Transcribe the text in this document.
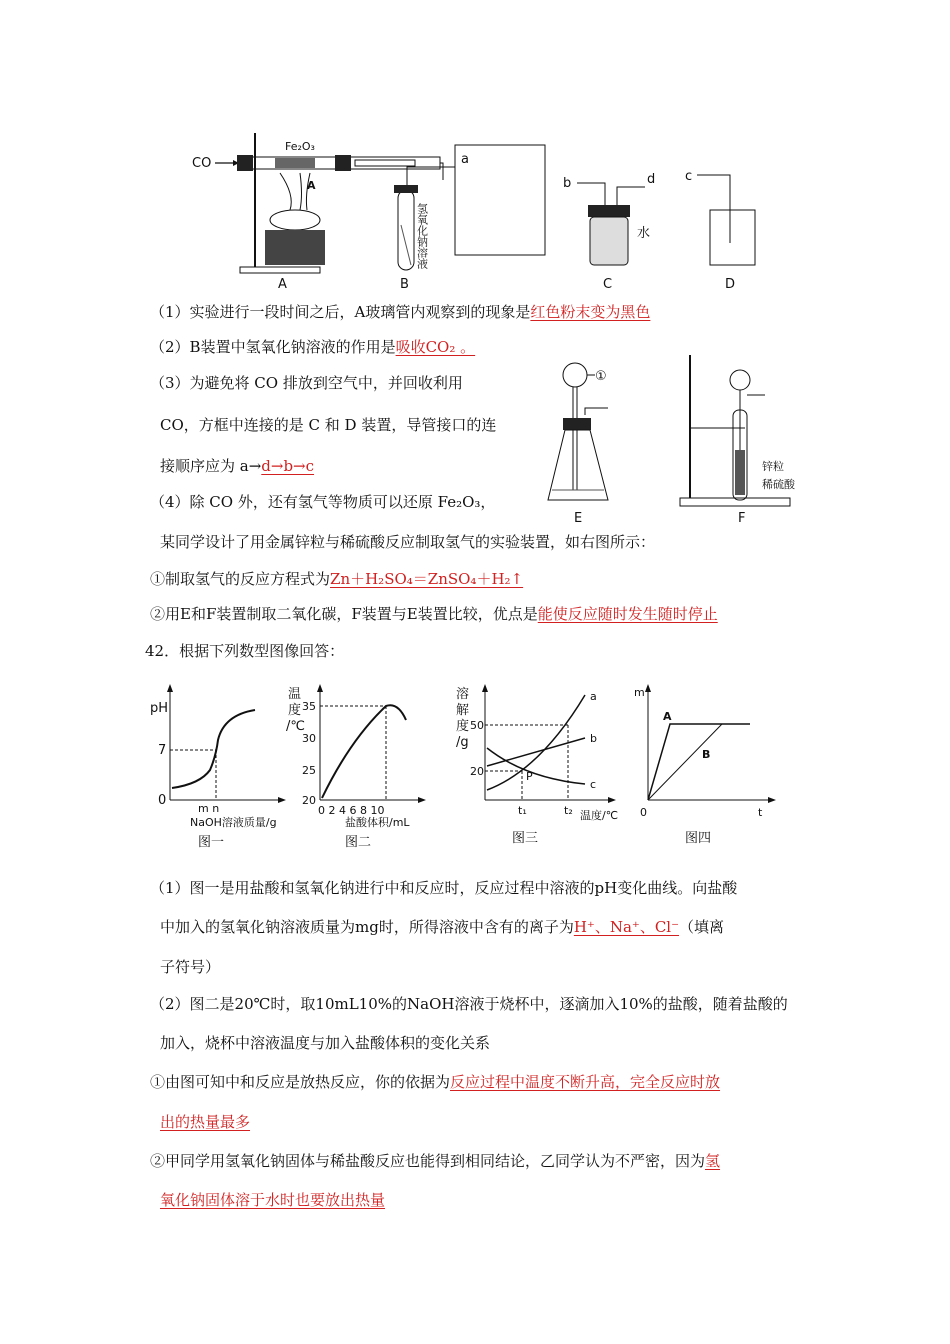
CO
Fe₂O₃
A
氢氧化钠溶液
a
b	d
水
c
A	B	C	D
（1）实验进行一段时间之后，A玻璃管内观察到的现象是红色粉末变为黑色
（2）B装置中氢氧化钠溶液的作用是吸收CO₂ 。
（3）为避免将 CO 排放到空气中，并回收利用
CO，方框中连接的是 C 和 D 装置，导管接口的连
接顺序应为 a→d→b→c
（4）除 CO 外，还有氢气等物质可以还原 Fe₂O₃，
①
E
锌粒
稀硫酸
F
某同学设计了用金属锌粒与稀硫酸反应制取氢气的实验装置，如右图所示：
①制取氢气的反应方程式为Zn＋H₂SO₄＝ZnSO₄＋H₂↑
②用E和F装置制取二氧化碳，F装置与E装置比较，优点是能使反应随时发生随时停止
42．根据下列数型图像回答：
pH
7
0
m n
NaOH溶液质量/g
图一
温
度
/℃
35
30
25
20
0 2 4 6 8 10
盐酸体积/mL
图二
溶
解
度
/g
50
20
a
b
c
P
t₁	t₂ 温度/℃
图三
m
A
B
0	t
图四
（1）图一是用盐酸和氢氧化钠进行中和反应时，反应过程中溶液的pH变化曲线。向盐酸
中加入的氢氧化钠溶液质量为mg时，所得溶液中含有的离子为H⁺、Na⁺、Cl⁻（填离
子符号）
（2）图二是20℃时，取10mL10%的NaOH溶液于烧杯中，逐滴加入10%的盐酸，随着盐酸的
加入，烧杯中溶液温度与加入盐酸体积的变化关系
①由图可知中和反应是放热反应，你的依据为反应过程中温度不断升高，完全反应时放
出的热量最多
②甲同学用氢氧化钠固体与稀盐酸反应也能得到相同结论，乙同学认为不严密，因为氢
氧化钠固体溶于水时也要放出热量
